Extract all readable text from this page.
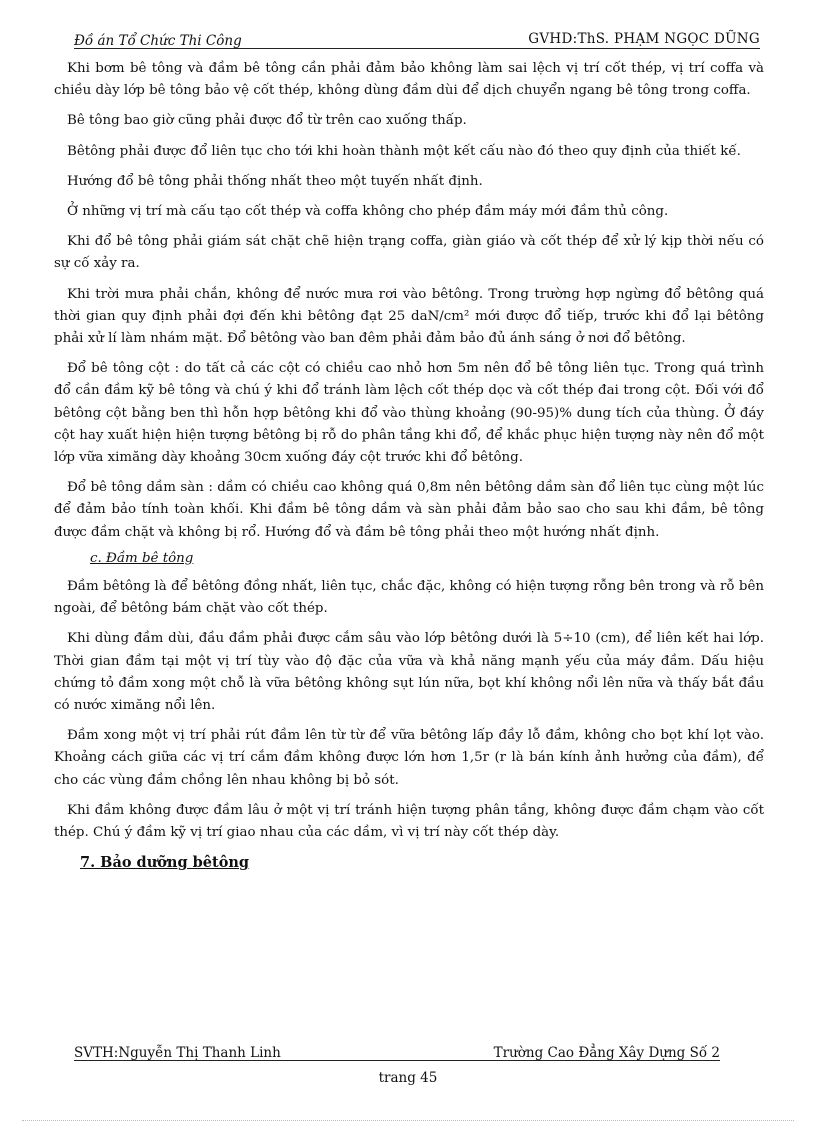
Đồ án Tổ Chức Thi Công	GVHD:ThS. PHẠM NGỌC DŨNG

Khi bơm bê tông và đầm bê tông cần phải đảm bảo không làm sai lệch vị trí cốt thép, vị trí coffa và chiều dày lớp bê tông bảo vệ cốt thép, không dùng đầm dùi để dịch chuyển ngang bê tông trong coffa.

Bê tông bao giờ cũng phải được đổ từ trên cao xuống thấp.

Bêtông phải được đổ liên tục cho tới khi hoàn thành một kết cấu nào đó theo quy định của thiết kế.

Hướng đổ bê tông phải thống nhất theo một tuyến nhất định.

Ở những vị trí mà cấu tạo cốt thép và coffa không cho phép đầm máy mới đầm thủ công.

Khi đổ bê tông phải giám sát chặt chẽ hiện trạng coffa, giàn giáo và cốt thép để xử lý kịp thời nếu có sự cố xảy ra.

Khi trời mưa phải chắn, không để nước mưa rơi vào bêtông. Trong trường hợp ngừng đổ bêtông quá thời gian quy định phải đợi đến khi bêtông đạt 25 daN/cm² mới được đổ tiếp, trước khi đổ lại bêtông phải xử lí làm nhám mặt. Đổ bêtông vào ban đêm phải đảm bảo đủ ánh sáng ở nơi đổ bêtông.

Đổ bê tông cột : do tất cả các cột có chiều cao nhỏ hơn 5m nên đổ bê tông liên tục. Trong quá trình đổ cần đầm kỹ bê tông và chú ý khi đổ tránh làm lệch cốt thép dọc và cốt thép đai trong cột. Đối với đổ bêtông cột bằng ben thì hỗn hợp bêtông khi đổ vào thùng khoảng (90-95)% dung tích của thùng. Ở đáy cột hay xuất hiện hiện tượng bêtông bị rỗ do phân tầng khi đổ, để khắc phục hiện tượng này nên đổ một lớp vữa ximăng dày khoảng 30cm xuống đáy cột trước khi đổ bêtông.

Đổ bê tông dầm sàn : dầm có chiều cao không quá 0,8m nên bêtông dầm sàn đổ liên tục cùng một lúc để đảm bảo tính toàn khối. Khi đầm bê tông dầm và sàn phải đảm bảo sao cho sau khi đầm, bê tông được đầm chặt và không bị rổ. Hướng đổ và đầm bê tông phải theo một hướng nhất định.

c. Đầm bê tông

Đầm bêtông là để bêtông đồng nhất, liên tục, chắc đặc, không có hiện tượng rỗng bên trong và rỗ bên ngoài, để bêtông bám chặt vào cốt thép.

Khi dùng đầm dùi, đầu đầm phải được cắm sâu vào lớp bêtông dưới là 5÷10 (cm), để liên kết hai lớp. Thời gian đầm tại một vị trí tùy vào độ đặc của vữa và khả năng mạnh yếu của máy đầm. Dấu hiệu chứng tỏ đầm xong một chỗ là vữa bêtông không sụt lún nữa, bọt khí không nổi lên nữa và thấy bắt đầu có nước ximăng nổi lên.

Đầm xong một vị trí phải rút đầm lên từ từ để vữa bêtông lấp đầy lỗ đầm, không cho bọt khí lọt vào. Khoảng cách giữa các vị trí cắm đầm không được lớn hơn 1,5r (r là bán kính ảnh hưởng của đầm), để cho các vùng đầm chồng lên nhau không bị bỏ sót.

Khi đầm không được đầm lâu ở một vị trí tránh hiện tượng phân tầng, không được đầm chạm vào cốt thép. Chú ý đầm kỹ vị trí giao nhau của các dầm, vì vị trí này cốt thép dày.

7. Bảo dưỡng bêtông
SVTH:Nguyễn Thị Thanh Linh	Trường Cao Đẳng Xây Dựng Số 2
trang 45
